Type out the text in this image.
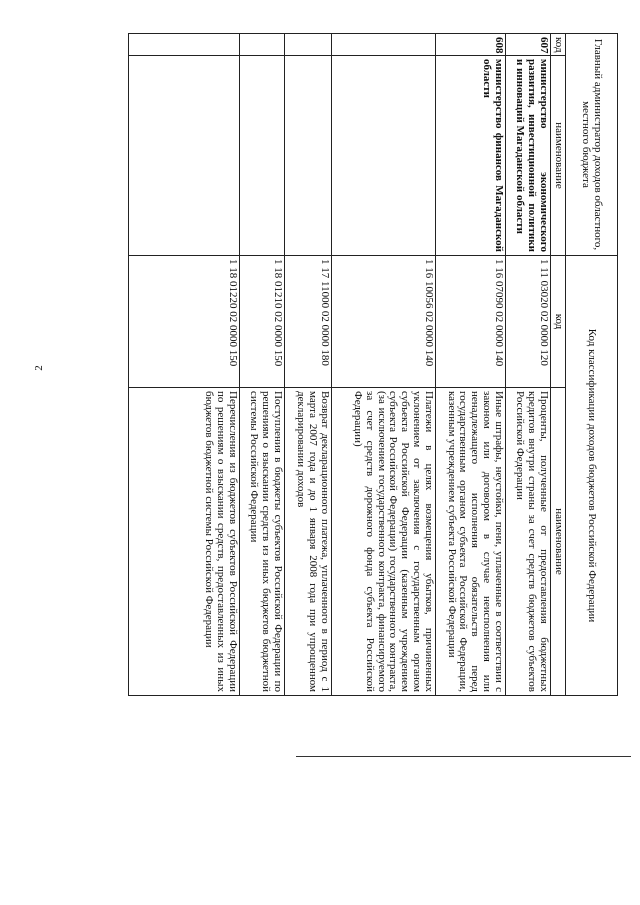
2
Главный администратор доходов областного, местного бюджета		Код классификации доходов бюджетов Российской Федерации	
код	наименование	код	наименование
607	министерство экономического развития, инвестиционной политики и инноваций Магаданской области	1 11 03020 02 0000 120	Проценты, полученные от предоставления бюджетных кредитов внутри страны за счет средств бюджетов субъектов Российской Федерации
608	министерство финансов Магаданской области	1 16 07090 02 0000 140	Иные штрафы, неустойки, пени, уплаченные в соответствии с законом или договором в случае неисполнения или ненадлежащего исполнения обязательств перед государственным органом субъекта Российской Федерации, казенным учреждением субъекта Российской Федерации
		1 16 10056 02 0000 140	Платежи в целях возмещения убытков, причиненных уклонением от заключения с государственным органом субъекта Российской Федерации (казенным учреждением субъекта Российской Федерации) государственного контракта, (за исключением государственного контракта, финансируемого за счет средств дорожного фонда субъекта Российской Федерации)
		1 17 11000 02 0000 180	Возврат декларационного платежа, уплаченного в период с 1 марта 2007 года и до 1 января 2008 года при упрощенном декларировании доходов
		1 18 01210 02 0000 150	Поступления в бюджеты субъектов Российской Федерации по решениям о взыскании средств из иных бюджетов бюджетной системы Российской Федерации
		1 18 01220 02 0000 150	Перечисления из бюджетов субъектов Российской Федерации по решениям о взыскании средств, предоставленных из иных бюджетов бюджетной системы Российской Федерации
